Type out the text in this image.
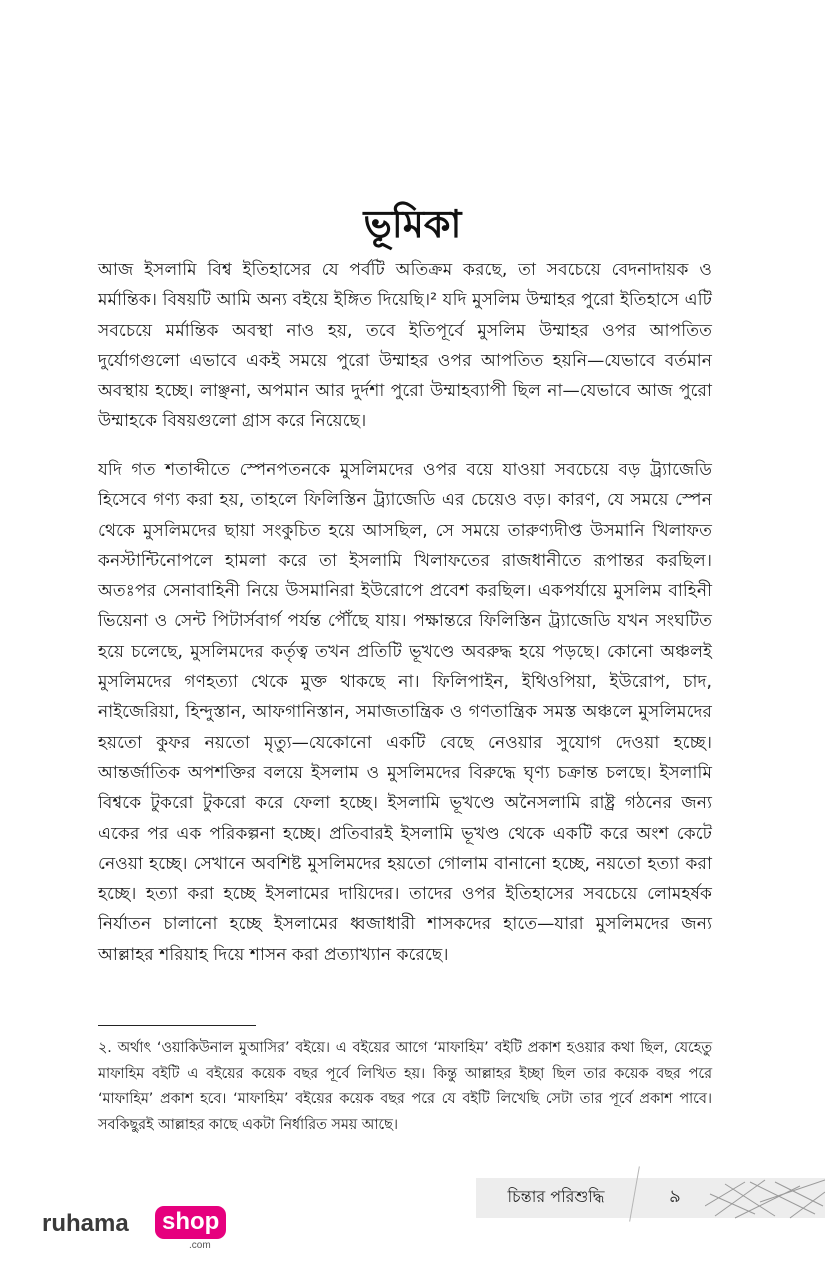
ভূমিকা

আজ ইসলামি বিশ্ব ইতিহাসের যে পর্বটি অতিক্রম করছে, তা সবচেয়ে বেদনাদায়ক ও মর্মান্তিক। বিষয়টি আমি অন্য বইয়ে ইঙ্গিত দিয়েছি।² যদি মুসলিম উম্মাহর পুরো ইতিহাসে এটি সবচেয়ে মর্মান্তিক অবস্থা নাও হয়, তবে ইতিপূর্বে মুসলিম উম্মাহর ওপর আপতিত দুর্যোগগুলো এভাবে একই সময়ে পুরো উম্মাহর ওপর আপতিত হয়নি—যেভাবে বর্তমান অবস্থায় হচ্ছে। লাঞ্ছনা, অপমান আর দুর্দশা পুরো উম্মাহব্যাপী ছিল না—যেভাবে আজ পুরো উম্মাহকে বিষয়গুলো গ্রাস করে নিয়েছে।

যদি গত শতাব্দীতে স্পেনপতনকে মুসলিমদের ওপর বয়ে যাওয়া সবচেয়ে বড় ট্র্যাজেডি হিসেবে গণ্য করা হয়, তাহলে ফিলিস্তিন ট্র্যাজেডি এর চেয়েও বড়। কারণ, যে সময়ে স্পেন থেকে মুসলিমদের ছায়া সংকুচিত হয়ে আসছিল, সে সময়ে তারুণ্যদীপ্ত উসমানি খিলাফত কনস্টান্টিনোপলে হামলা করে তা ইসলামি খিলাফতের রাজধানীতে রূপান্তর করছিল। অতঃপর সেনাবাহিনী নিয়ে উসমানিরা ইউরোপে প্রবেশ করছিল। একপর্যায়ে মুসলিম বাহিনী ভিয়েনা ও সেন্ট পিটার্সবার্গ পর্যন্ত পৌঁছে যায়। পক্ষান্তরে ফিলিস্তিন ট্র্যাজেডি যখন সংঘটিত হয়ে চলেছে, মুসলিমদের কর্তৃত্ব তখন প্রতিটি ভূখণ্ডে অবরুদ্ধ হয়ে পড়ছে। কোনো অঞ্চলই মুসলিমদের গণহত্যা থেকে মুক্ত থাকছে না। ফিলিপাইন, ইথিওপিয়া, ইউরোপ, চাদ, নাইজেরিয়া, হিন্দুস্তান, আফগানিস্তান, সমাজতান্ত্রিক ও গণতান্ত্রিক সমস্ত অঞ্চলে মুসলিমদের হয়তো কুফর নয়তো মৃত্যু—যেকোনো একটি বেছে নেওয়ার সুযোগ দেওয়া হচ্ছে। আন্তর্জাতিক অপশক্তির বলয়ে ইসলাম ও মুসলিমদের বিরুদ্ধে ঘৃণ্য চক্রান্ত চলছে। ইসলামি বিশ্বকে টুকরো টুকরো করে ফেলা হচ্ছে। ইসলামি ভূখণ্ডে অনৈসলামি রাষ্ট্র গঠনের জন্য একের পর এক পরিকল্পনা হচ্ছে। প্রতিবারই ইসলামি ভূখণ্ড থেকে একটি করে অংশ কেটে নেওয়া হচ্ছে। সেখানে অবশিষ্ট মুসলিমদের হয়তো গোলাম বানানো হচ্ছে, নয়তো হত্যা করা হচ্ছে। হত্যা করা হচ্ছে ইসলামের দায়িদের। তাদের ওপর ইতিহাসের সবচেয়ে লোমহর্ষক নির্যাতন চালানো হচ্ছে ইসলামের ধ্বজাধারী শাসকদের হাতে—যারা মুসলিমদের জন্য আল্লাহর শরিয়াহ দিয়ে শাসন করা প্রত্যাখ্যান করেছে।

২. অর্থাৎ ‘ওয়াকিউনাল মুআসির’ বইয়ে। এ বইয়ের আগে ‘মাফাহিম’ বইটি প্রকাশ হওয়ার কথা ছিল, যেহেতু মাফাহিম বইটি এ বইয়ের কয়েক বছর পূর্বে লিখিত হয়। কিন্তু আল্লাহর ইচ্ছা ছিল তার কয়েক বছর পরে ‘মাফাহিম’ প্রকাশ হবে। ‘মাফাহিম’ বইয়ের কয়েক বছর পরে যে বইটি লিখেছি সেটা তার পূর্বে প্রকাশ পাবে। সবকিছুরই আল্লাহর কাছে একটা নির্ধারিত সময় আছে।

চিন্তার পরিশুদ্ধি	৯
ruhama shop
.com
